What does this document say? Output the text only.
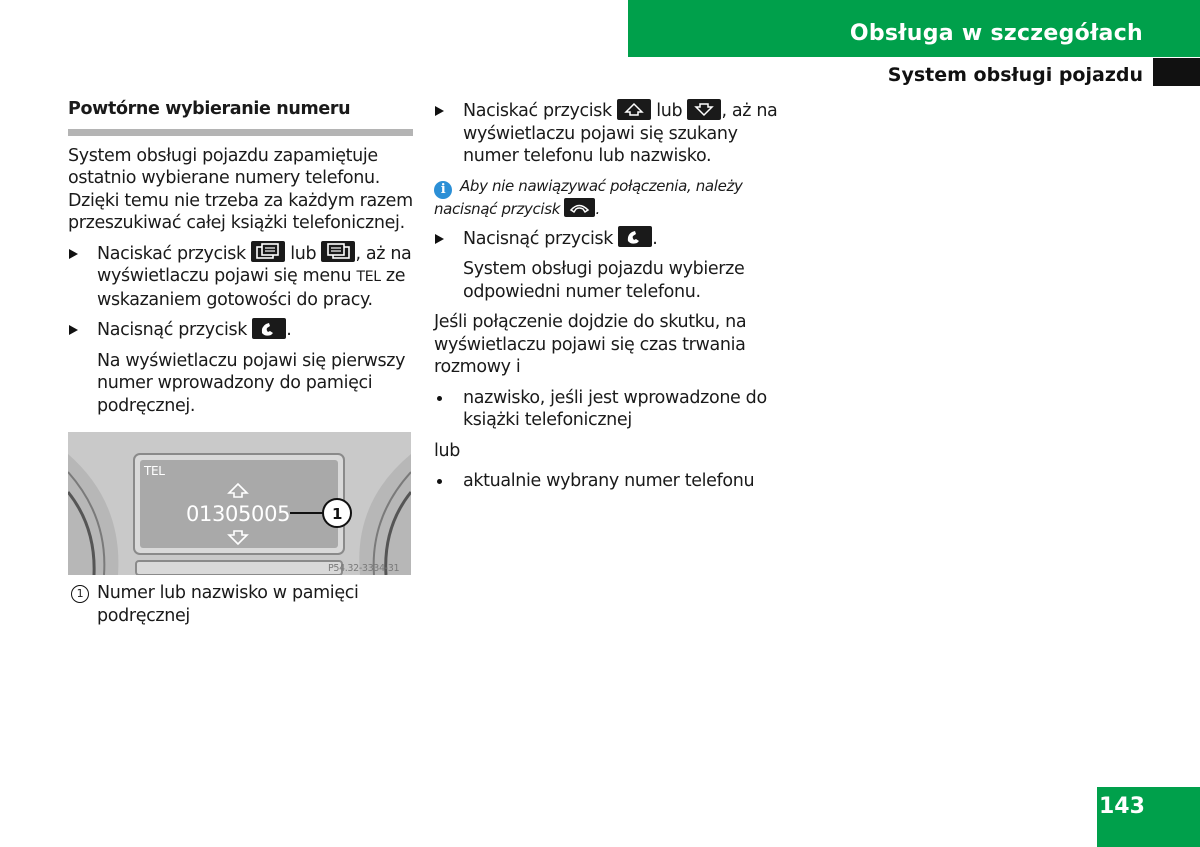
Obsługa w szczegółach
System obsługi pojazdu
Powtórne wybieranie numeru

System obsługi pojazdu zapamiętuje ostatnio wybierane numery telefonu. Dzięki temu nie trzeba za każdym razem przeszukiwać całej książki telefonicznej.

Naciskać przycisk	lub , aż na wyświetlaczu pojawi się menu TEL ze wskazaniem gotowości do pracy.
Nacisnąć przycisk .

Na wyświetlaczu pojawi się pierwszy numer wprowadzony do pamięci podręcznej.

TEL
01305005	1
P54.32-3334-31
1 Numer lub nazwisko w pamięci podręcznej
Naciskać przycisk	lub , aż na wyświetlaczu pojawi się szukany numer telefonu lub nazwisko.

i Aby nie nawiązywać połączenia, należy nacisnąć przycisk .

Nacisnąć przycisk .

System obsługi pojazdu wybierze odpowiedni numer telefonu.

Jeśli połączenie dojdzie do skutku, na wyświetlaczu pojawi się czas trwania rozmowy i

nazwisko, jeśli jest wprowadzone do książki telefonicznej

lub

aktualnie wybrany numer telefonu
143
